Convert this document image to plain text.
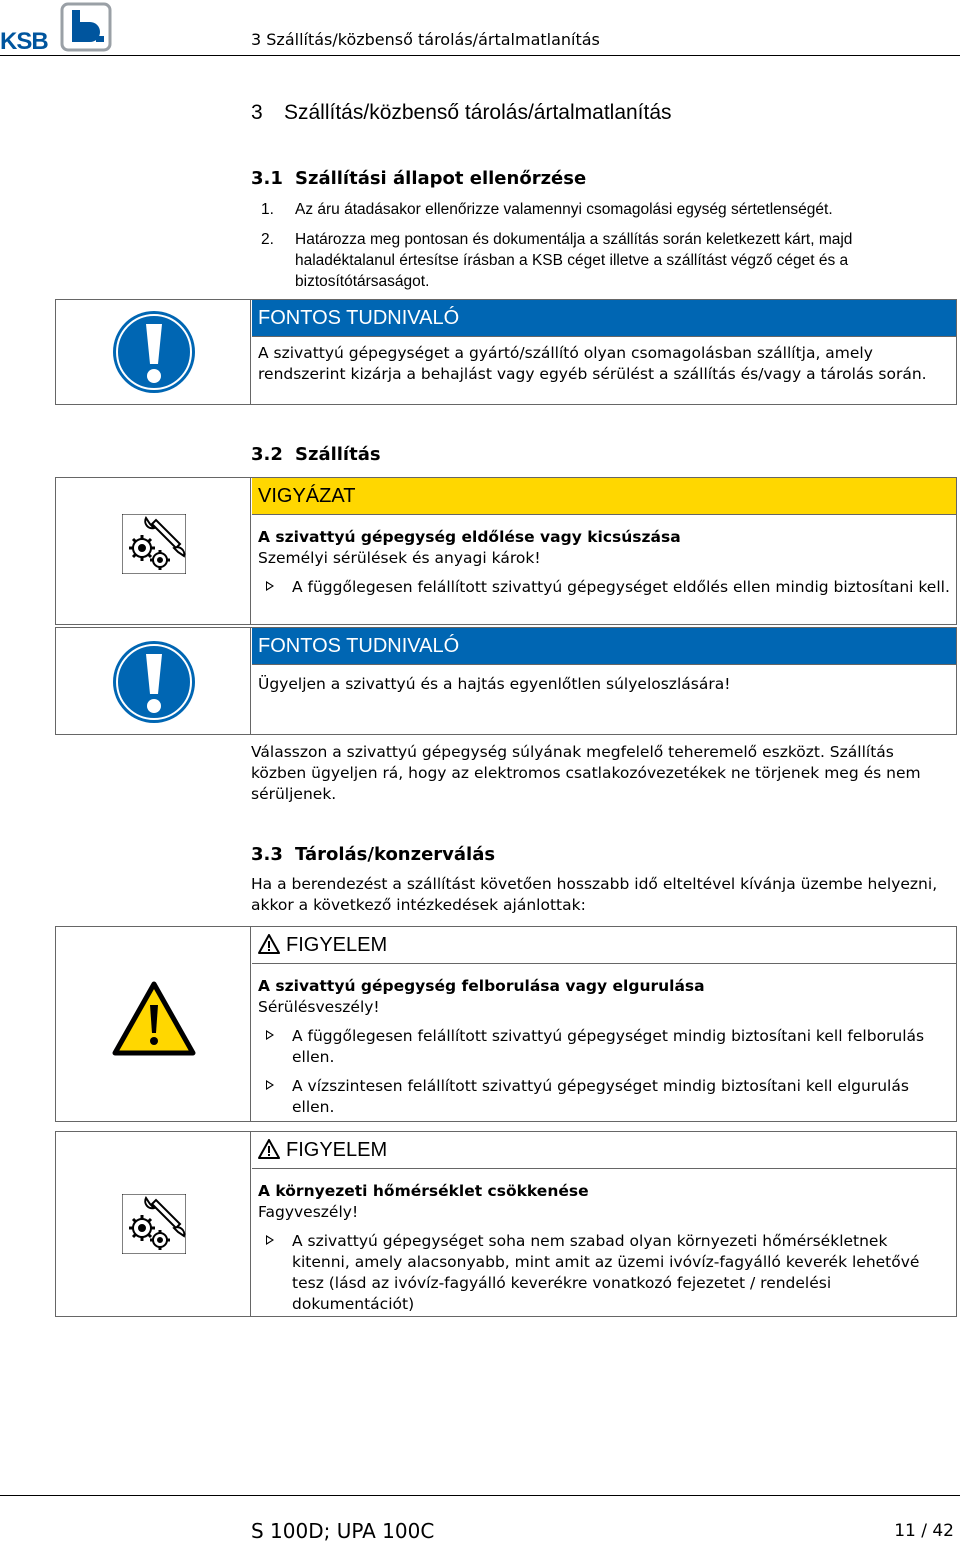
KSB	3 Szállítás/közbenső tárolás/ártalmatlanítás
3 Szállítás/közbenső tárolás/ártalmatlanítás
3.1 Szállítási állapot ellenőrzése
1.	Az áru átadásakor ellenőrizze valamennyi csomagolási egység sértetlenségét.
2.	Határozza meg pontosan és dokumentálja a szállítás során keletkezett kárt, majd haladéktalanul értesítse írásban a KSB céget illetve a szállítást végző céget és a biztosítótársaságot.
FONTOS TUDNIVALÓ
A szivattyú gépegységet a gyártó/szállító olyan csomagolásban szállítja, amely rendszerint kizárja a behajlást vagy egyéb sérülést a szállítás és/vagy a tárolás során.
3.2 Szállítás
VIGYÁZAT
A szivattyú gépegység eldőlése vagy kicsúszása
Személyi sérülések és anyagi károk!
A függőlegesen felállított szivattyú gépegységet eldőlés ellen mindig biztosítani kell.
FONTOS TUDNIVALÓ
Ügyeljen a szivattyú és a hajtás egyenlőtlen súlyeloszlására!
Válasszon a szivattyú gépegység súlyának megfelelő teheremelő eszközt. Szállítás közben ügyeljen rá, hogy az elektromos csatlakozóvezetékek ne törjenek meg és nem sérüljenek.
3.3 Tárolás/konzerválás
Ha a berendezést a szállítást követően hosszabb idő elteltével kívánja üzembe helyezni, akkor a következő intézkedések ajánlottak:
FIGYELEM
A szivattyú gépegység felborulása vagy elgurulása
Sérülésveszély!
A függőlegesen felállított szivattyú gépegységet mindig biztosítani kell felborulás ellen.
A vízszintesen felállított szivattyú gépegységet mindig biztosítani kell elgurulás ellen.
FIGYELEM
A környezeti hőmérséklet csökkenése
Fagyveszély!
A szivattyú gépegységet soha nem szabad olyan környezeti hőmérsékletnek kitenni, amely alacsonyabb, mint amit az üzemi ivóvíz-fagyálló keverék lehetővé tesz (lásd az ivóvíz-fagyálló keverékre vonatkozó fejezetet / rendelési dokumentációt)
S 100D; UPA 100C	11 / 42
